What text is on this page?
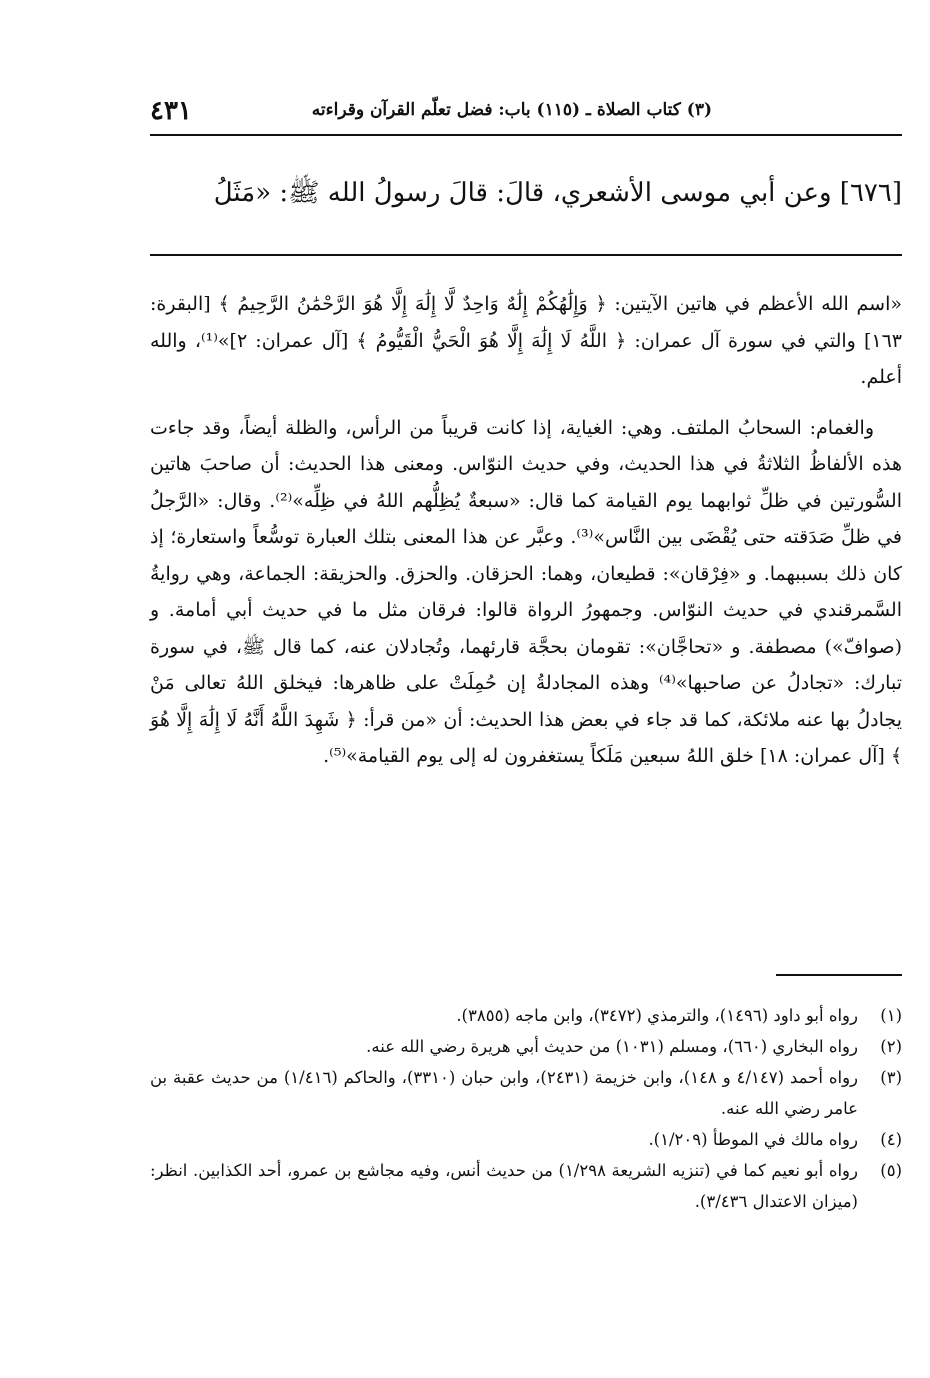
٤٣١	(٣) كتاب الصلاة ـ (١١٥) باب: فضل تعلّم القرآن وقراءته
[٦٧٦] وعن أبي موسى الأشعري، قالَ: قالَ رسولُ الله ﷺ: «مَثَلُ

«اسم الله الأعظم في هاتين الآيتين: ﴿ وَإِلَٰهُكُمْ إِلَٰهٌ وَاحِدٌ لَّا إِلَٰهَ إِلَّا هُوَ الرَّحْمَٰنُ الرَّحِيمُ ﴾ [البقرة: ١٦٣] والتي في سورة آل عمران: ﴿ اللَّهُ لَا إِلَٰهَ إِلَّا هُوَ الْحَيُّ الْقَيُّومُ ﴾ [آل عمران: ٢]»⁽¹⁾، والله أعلم.

والغمام: السحابُ الملتف. وهي: الغياية، إذا كانت قريباً من الرأس، والظلة أيضاً، وقد جاءت هذه الألفاظُ الثلاثةُ في هذا الحديث، وفي حديث النوّاس. ومعنى هذا الحديث: أن صاحبَ هاتين السُّورتين في ظلِّ ثوابهما يوم القيامة كما قال: «سبعةٌ يُظِلُّهم اللهُ في ظِلِّه»⁽²⁾. وقال: «الرَّجلُ في ظلِّ صَدَقته حتى يُقْضَى بين النَّاس»⁽³⁾. وعبَّر عن هذا المعنى بتلك العبارة توسُّعاً واستعارة؛ إذ كان ذلك بسببهما. و «فِرْقان»: قطيعان، وهما: الحزقان. والحزق. والحزيقة: الجماعة، وهي روايةُ السَّمرقندي في حديث النوّاس. وجمهورُ الرواة قالوا: فرقان مثل ما في حديث أبي أمامة. و (صوافّ») مصطفة. و «تحاجَّان»: تقومان بحجَّة قارئهما، وتُجادلان عنه، كما قال ﷺ، في سورة تبارك: «تجادلُ عن صاحبها»⁽⁴⁾ وهذه المجادلةُ إن حُمِلَتْ على ظاهرها: فيخلق اللهُ تعالى مَنْ يجادلُ بها عنه ملائكة، كما قد جاء في بعض هذا الحديث: أن «من قرأ: ﴿ شَهِدَ اللَّهُ أَنَّهُ لَا إِلَٰهَ إِلَّا هُوَ ﴾ [آل عمران: ١٨] خلق اللهُ سبعين مَلَكاً يستغفرون له إلى يوم القيامة»⁽⁵⁾.

(١)
رواه أبو داود (١٤٩٦)، والترمذي (٣٤٧٢)، وابن ماجه (٣٨٥٥).
(٢)
رواه البخاري (٦٦٠)، ومسلم (١٠٣١) من حديث أبي هريرة رضي الله عنه.
(٣)
رواه أحمد (٤/١٤٧ و ١٤٨)، وابن خزيمة (٢٤٣١)، وابن حبان (٣٣١٠)، والحاكم (١/٤١٦) من حديث عقبة بن عامر رضي الله عنه.
(٤)
رواه مالك في الموطأ (١/٢٠٩).
(٥)
رواه أبو نعيم كما في (تنزيه الشريعة ١/٢٩٨) من حديث أنس، وفيه مجاشع بن عمرو، أحد الكذابين. انظر: (ميزان الاعتدال ٣/٤٣٦).
